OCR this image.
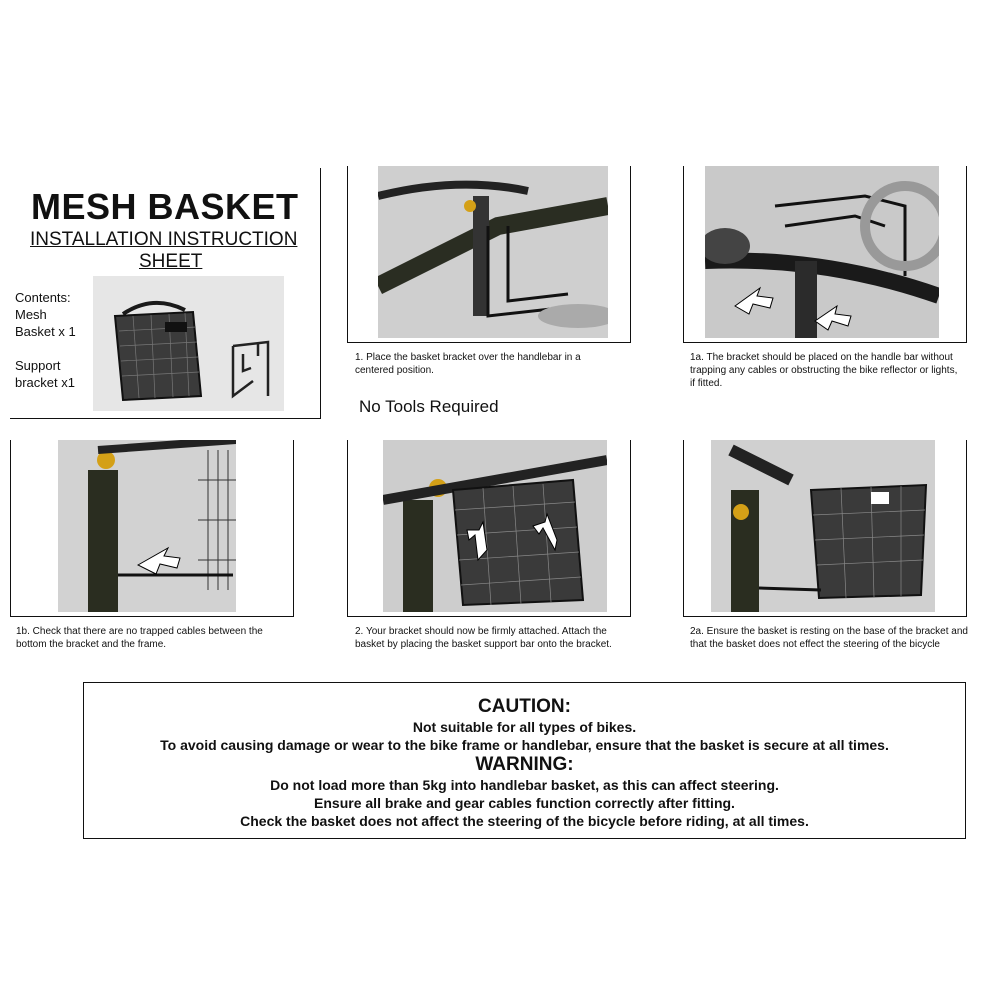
MESH BASKET
INSTALLATION INSTRUCTION
SHEET
Contents:
Mesh
Basket x 1
Support
bracket x1
1. Place the basket bracket over the handlebar in a centered position.
1a. The bracket should be placed on the handle bar without trapping any cables or obstructing the bike reflector or lights, if fitted.
No Tools Required
1b. Check that there are no trapped cables between the bottom the bracket and the frame.
2. Your bracket should now be firmly attached. Attach the basket by placing the basket support bar onto the bracket.
2a. Ensure the basket is resting on the base of the bracket and that the basket does not effect the steering of the bicycle
CAUTION:
Not suitable for all types of bikes.
To avoid causing damage or wear to the bike frame or handlebar, ensure that the basket is secure at all times.
WARNING:
Do not load more than 5kg into handlebar basket, as this can affect steering.
Ensure all brake and gear cables function correctly after fitting.
Check the basket does not affect the steering of the bicycle before riding, at all times.
